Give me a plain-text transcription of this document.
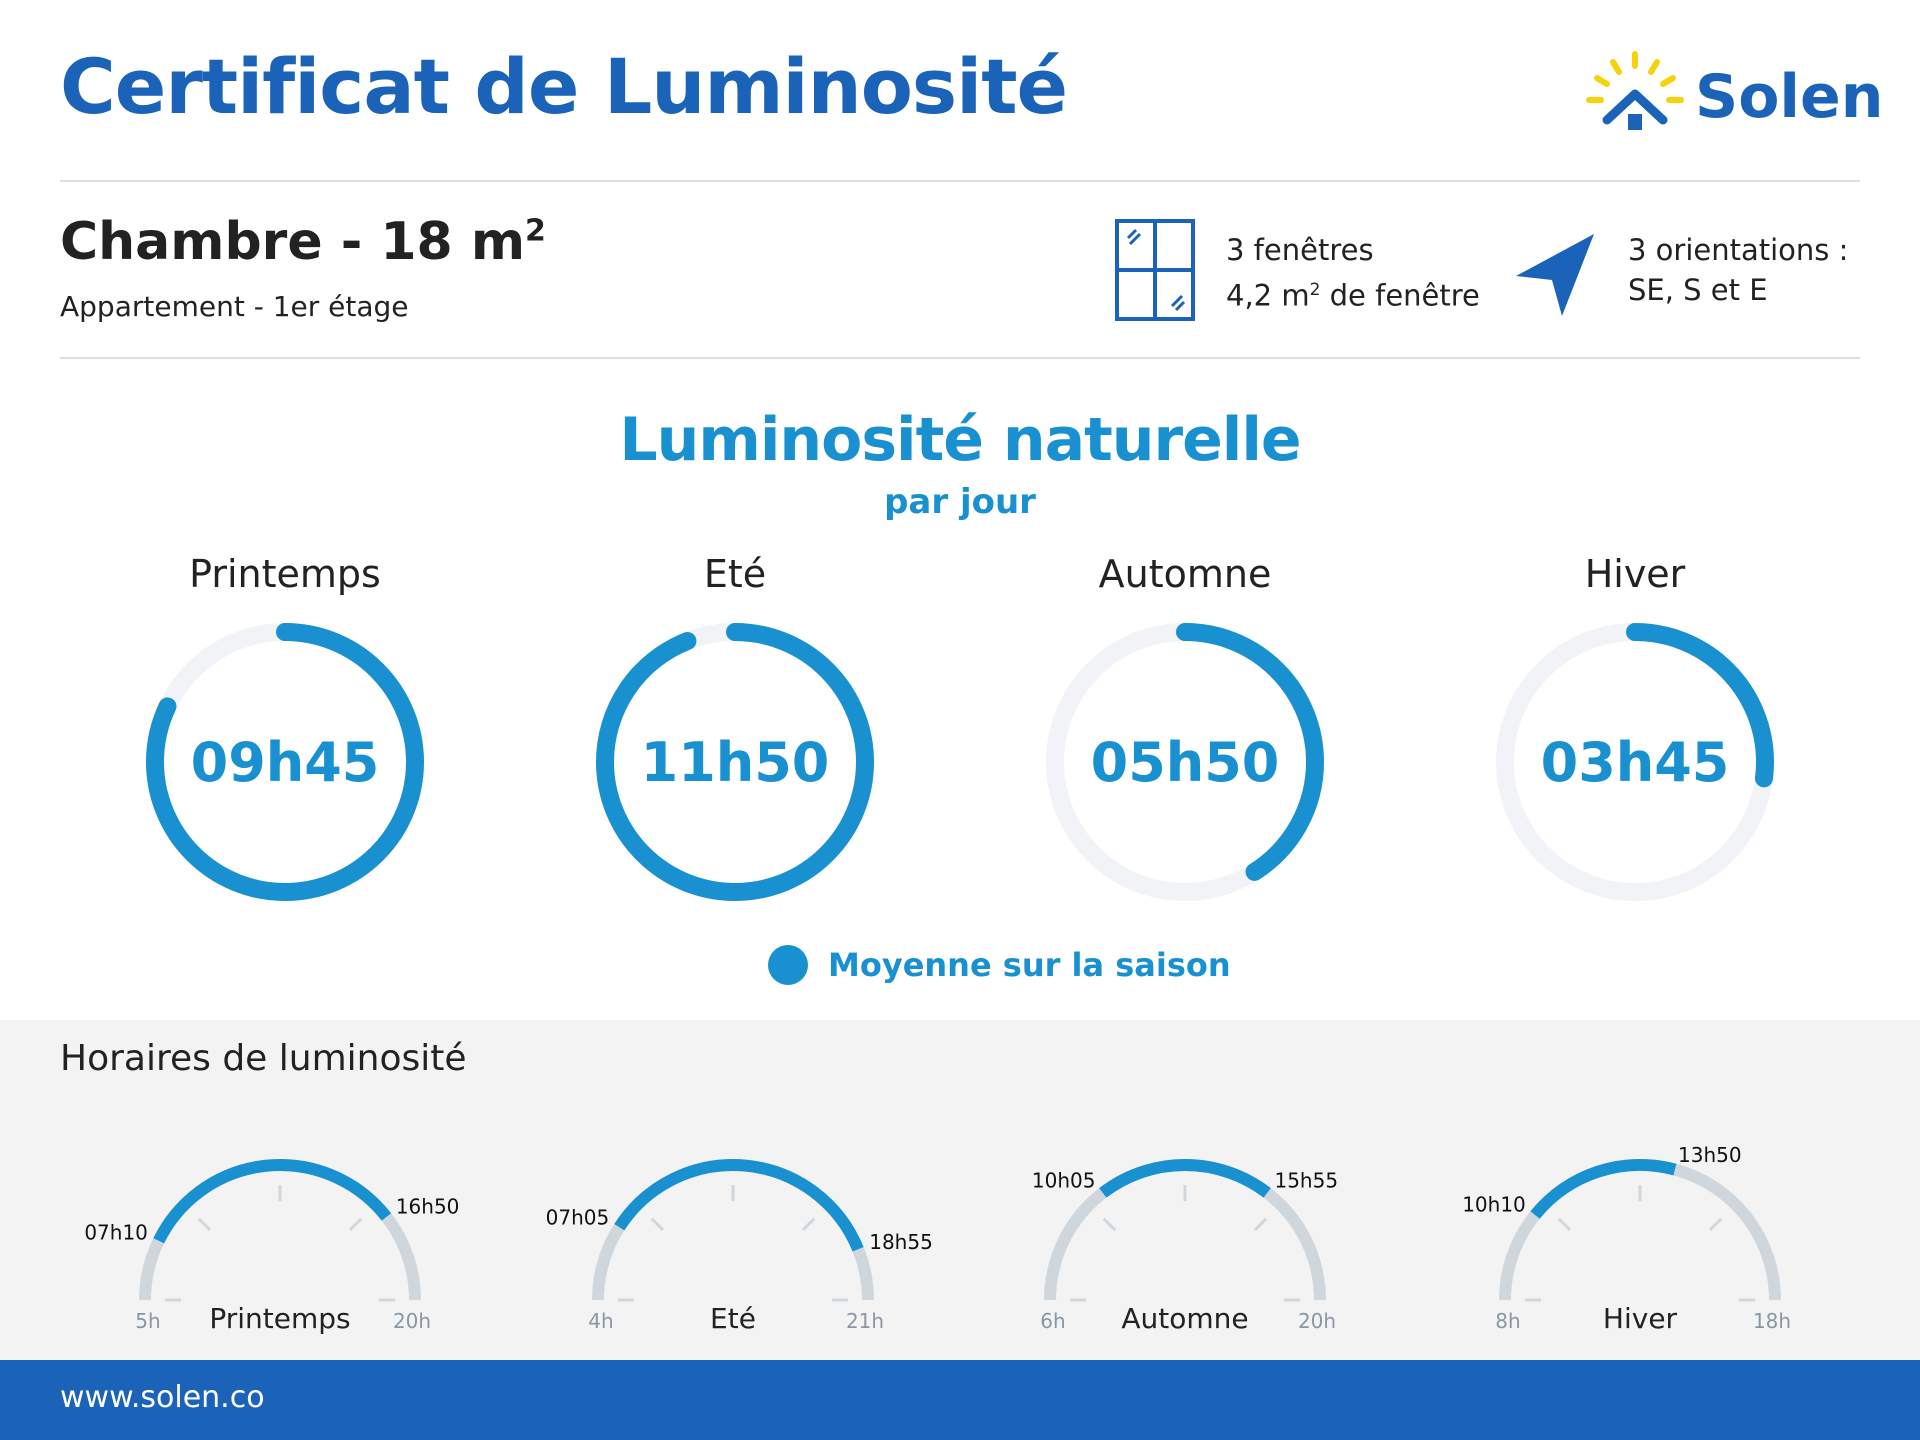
Certificat de Luminosité	Solen
Chambre - 18 $m^2$
Appartement - 1er étage
3 fenêtres
4,2 $m^2$ de fenêtre
3 orientations :
SE, S et E
Luminosité naturelle
par jour
Printemps
09h45
Eté
11h50
Automne
05h50
Hiver
03h45
Moyenne sur la saison
Horaires de luminosité
5h	20h
Printemps
07h10
16h50
4h	21h
Eté
07h05
18h55
6h	20h
Automne
10h05	15h55
8h	18h
Hiver
10h10
13h50
www.solen.co
